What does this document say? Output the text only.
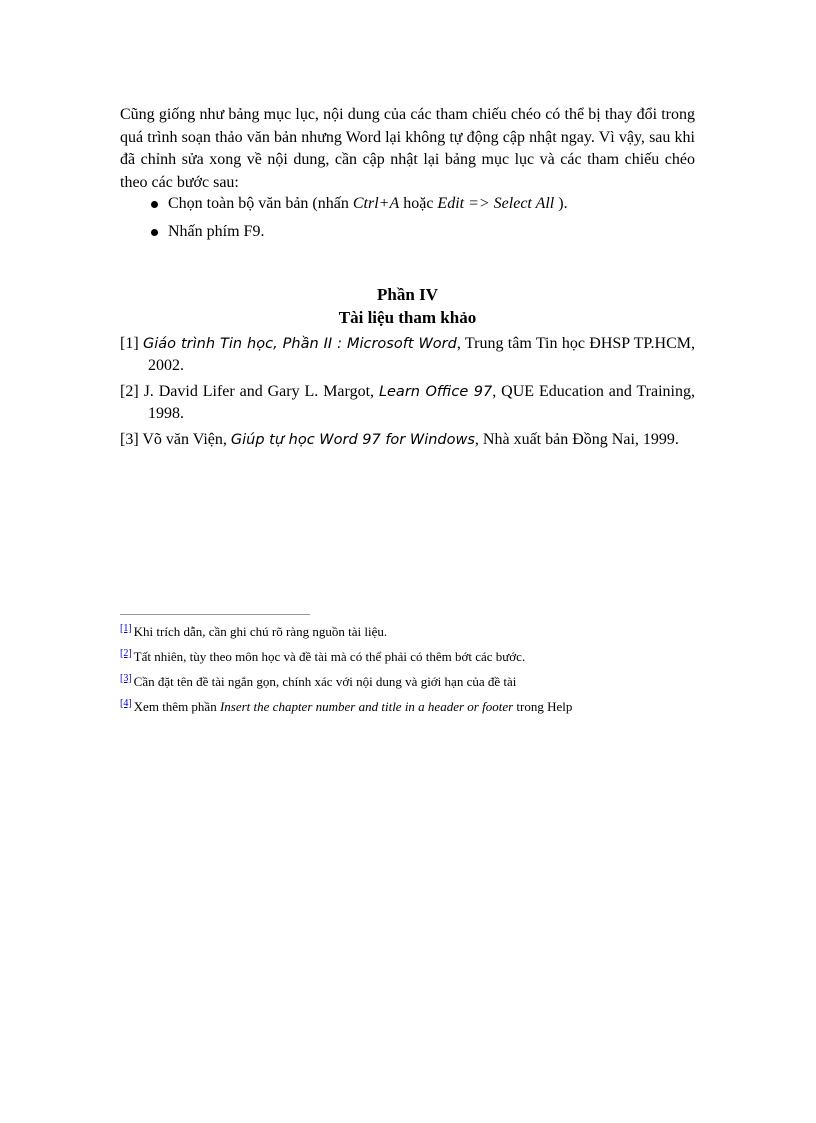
Cũng giống như bảng mục lục, nội dung của các tham chiếu chéo có thể bị thay đổi trong quá trình soạn thảo văn bản nhưng Word lại không tự động cập nhật ngay. Vì vậy, sau khi đã chỉnh sửa xong về nội dung, cần cập nhật lại bảng mục lục và các tham chiếu chéo theo các bước sau:

Chọn toàn bộ văn bản (nhấn Ctrl+A hoặc Edit => Select All ).
Nhấn phím F9.
Phần IV
Tài liệu tham khảo
[1] Giáo trình Tin học, Phần II : Microsoft Word, Trung tâm Tin học ĐHSP TP.HCM, 2002.
[2] J. David Lifer and Gary L. Margot, Learn Office 97, QUE Education and Training, 1998.
[3] Võ văn Viện, Giúp tự học Word 97 for Windows, Nhà xuất bản Đồng Nai, 1999.
[1] Khi trích dẫn, cần ghi chú rõ ràng nguồn tài liệu.
[2] Tất nhiên, tùy theo môn học và đề tài mà có thể phải có thêm bớt các bước.
[3] Cần đặt tên đề tài ngắn gọn, chính xác với nội dung và giới hạn của đề tài
[4] Xem thêm phần Insert the chapter number and title in a header or footer trong Help
